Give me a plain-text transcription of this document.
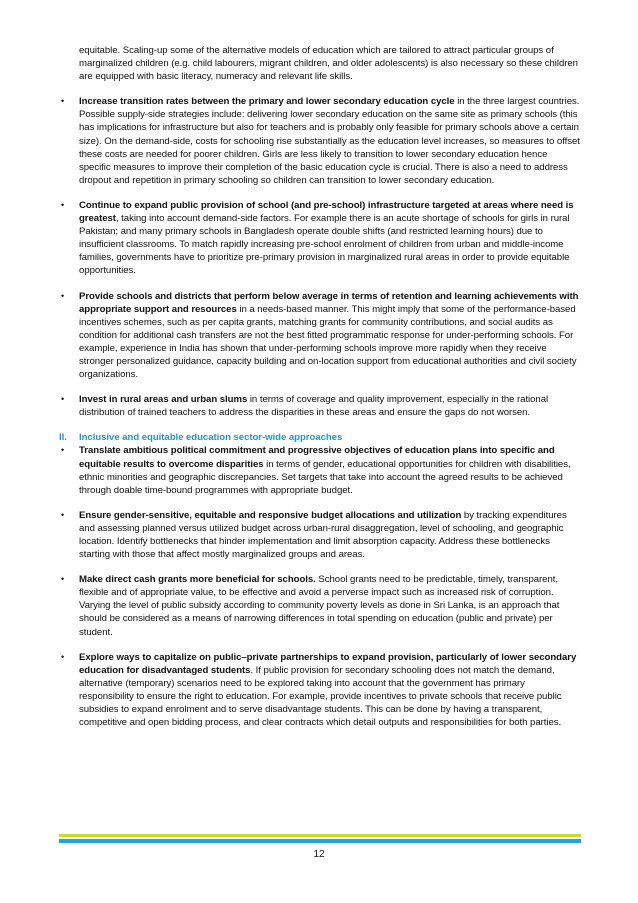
equitable. Scaling-up some of the alternative models of education which are tailored to attract particular groups of marginalized children (e.g. child labourers, migrant children, and older adolescents) is also necessary so these children are equipped with basic literacy, numeracy and relevant life skills.
• Increase transition rates between the primary and lower secondary education cycle in the three largest countries. Possible supply-side strategies include: delivering lower secondary education on the same site as primary schools (this has implications for infrastructure but also for teachers and is probably only feasible for primary schools above a certain size). On the demand-side, costs for schooling rise substantially as the education level increases, so measures to offset these costs are needed for poorer children. Girls are less likely to transition to lower secondary education hence specific measures to improve their completion of the basic education cycle is crucial. There is also a need to address dropout and repetition in primary schooling so children can transition to lower secondary education.
• Continue to expand public provision of school (and pre-school) infrastructure targeted at areas where need is greatest, taking into account demand-side factors. For example there is an acute shortage of schools for girls in rural Pakistan; and many primary schools in Bangladesh operate double shifts (and restricted learning hours) due to insufficient classrooms. To match rapidly increasing pre-school enrolment of children from urban and middle-income families, governments have to prioritize pre-primary provision in marginalized rural areas in order to provide equitable opportunities.
• Provide schools and districts that perform below average in terms of retention and learning achievements with appropriate support and resources in a needs-based manner. This might imply that some of the performance-based incentives schemes, such as per capita grants, matching grants for community contributions, and social audits as condition for additional cash transfers are not the best fitted programmatic response for under-performing schools. For example, experience in India has shown that under-performing schools improve more rapidly when they receive stronger personalized guidance, capacity building and on-location support from educational authorities and civil society organizations.
• Invest in rural areas and urban slums in terms of coverage and quality improvement, especially in the rational distribution of trained teachers to address the disparities in these areas and ensure the gaps do not worsen.
II. Inclusive and equitable education sector-wide approaches
• Translate ambitious political commitment and progressive objectives of education plans into specific and equitable results to overcome disparities in terms of gender, educational opportunities for children with disabilities, ethnic minorities and geographic discrepancies. Set targets that take into account the agreed results to be achieved through doable time-bound programmes with appropriate budget.
• Ensure gender-sensitive, equitable and responsive budget allocations and utilization by tracking expenditures and assessing planned versus utilized budget across urban-rural disaggregation, level of schooling, and geographic location. Identify bottlenecks that hinder implementation and limit absorption capacity. Address these bottlenecks starting with those that affect mostly marginalized groups and areas.
• Make direct cash grants more beneficial for schools. School grants need to be predictable, timely, transparent, flexible and of appropriate value, to be effective and avoid a perverse impact such as increased risk of corruption. Varying the level of public subsidy according to community poverty levels as done in Sri Lanka, is an approach that should be considered as a means of narrowing differences in total spending on education (public and private) per student.
• Explore ways to capitalize on public–private partnerships to expand provision, particularly of lower secondary education for disadvantaged students. If public provision for secondary schooling does not match the demand, alternative (temporary) scenarios need to be explored taking into account that the government has primary responsibility to ensure the right to education. For example, provide incentives to private schools that receive public subsidies to expand enrolment and to serve disadvantage students. This can be done by having a transparent, competitive and open bidding process, and clear contracts which detail outputs and responsibilities for both parties.
12
